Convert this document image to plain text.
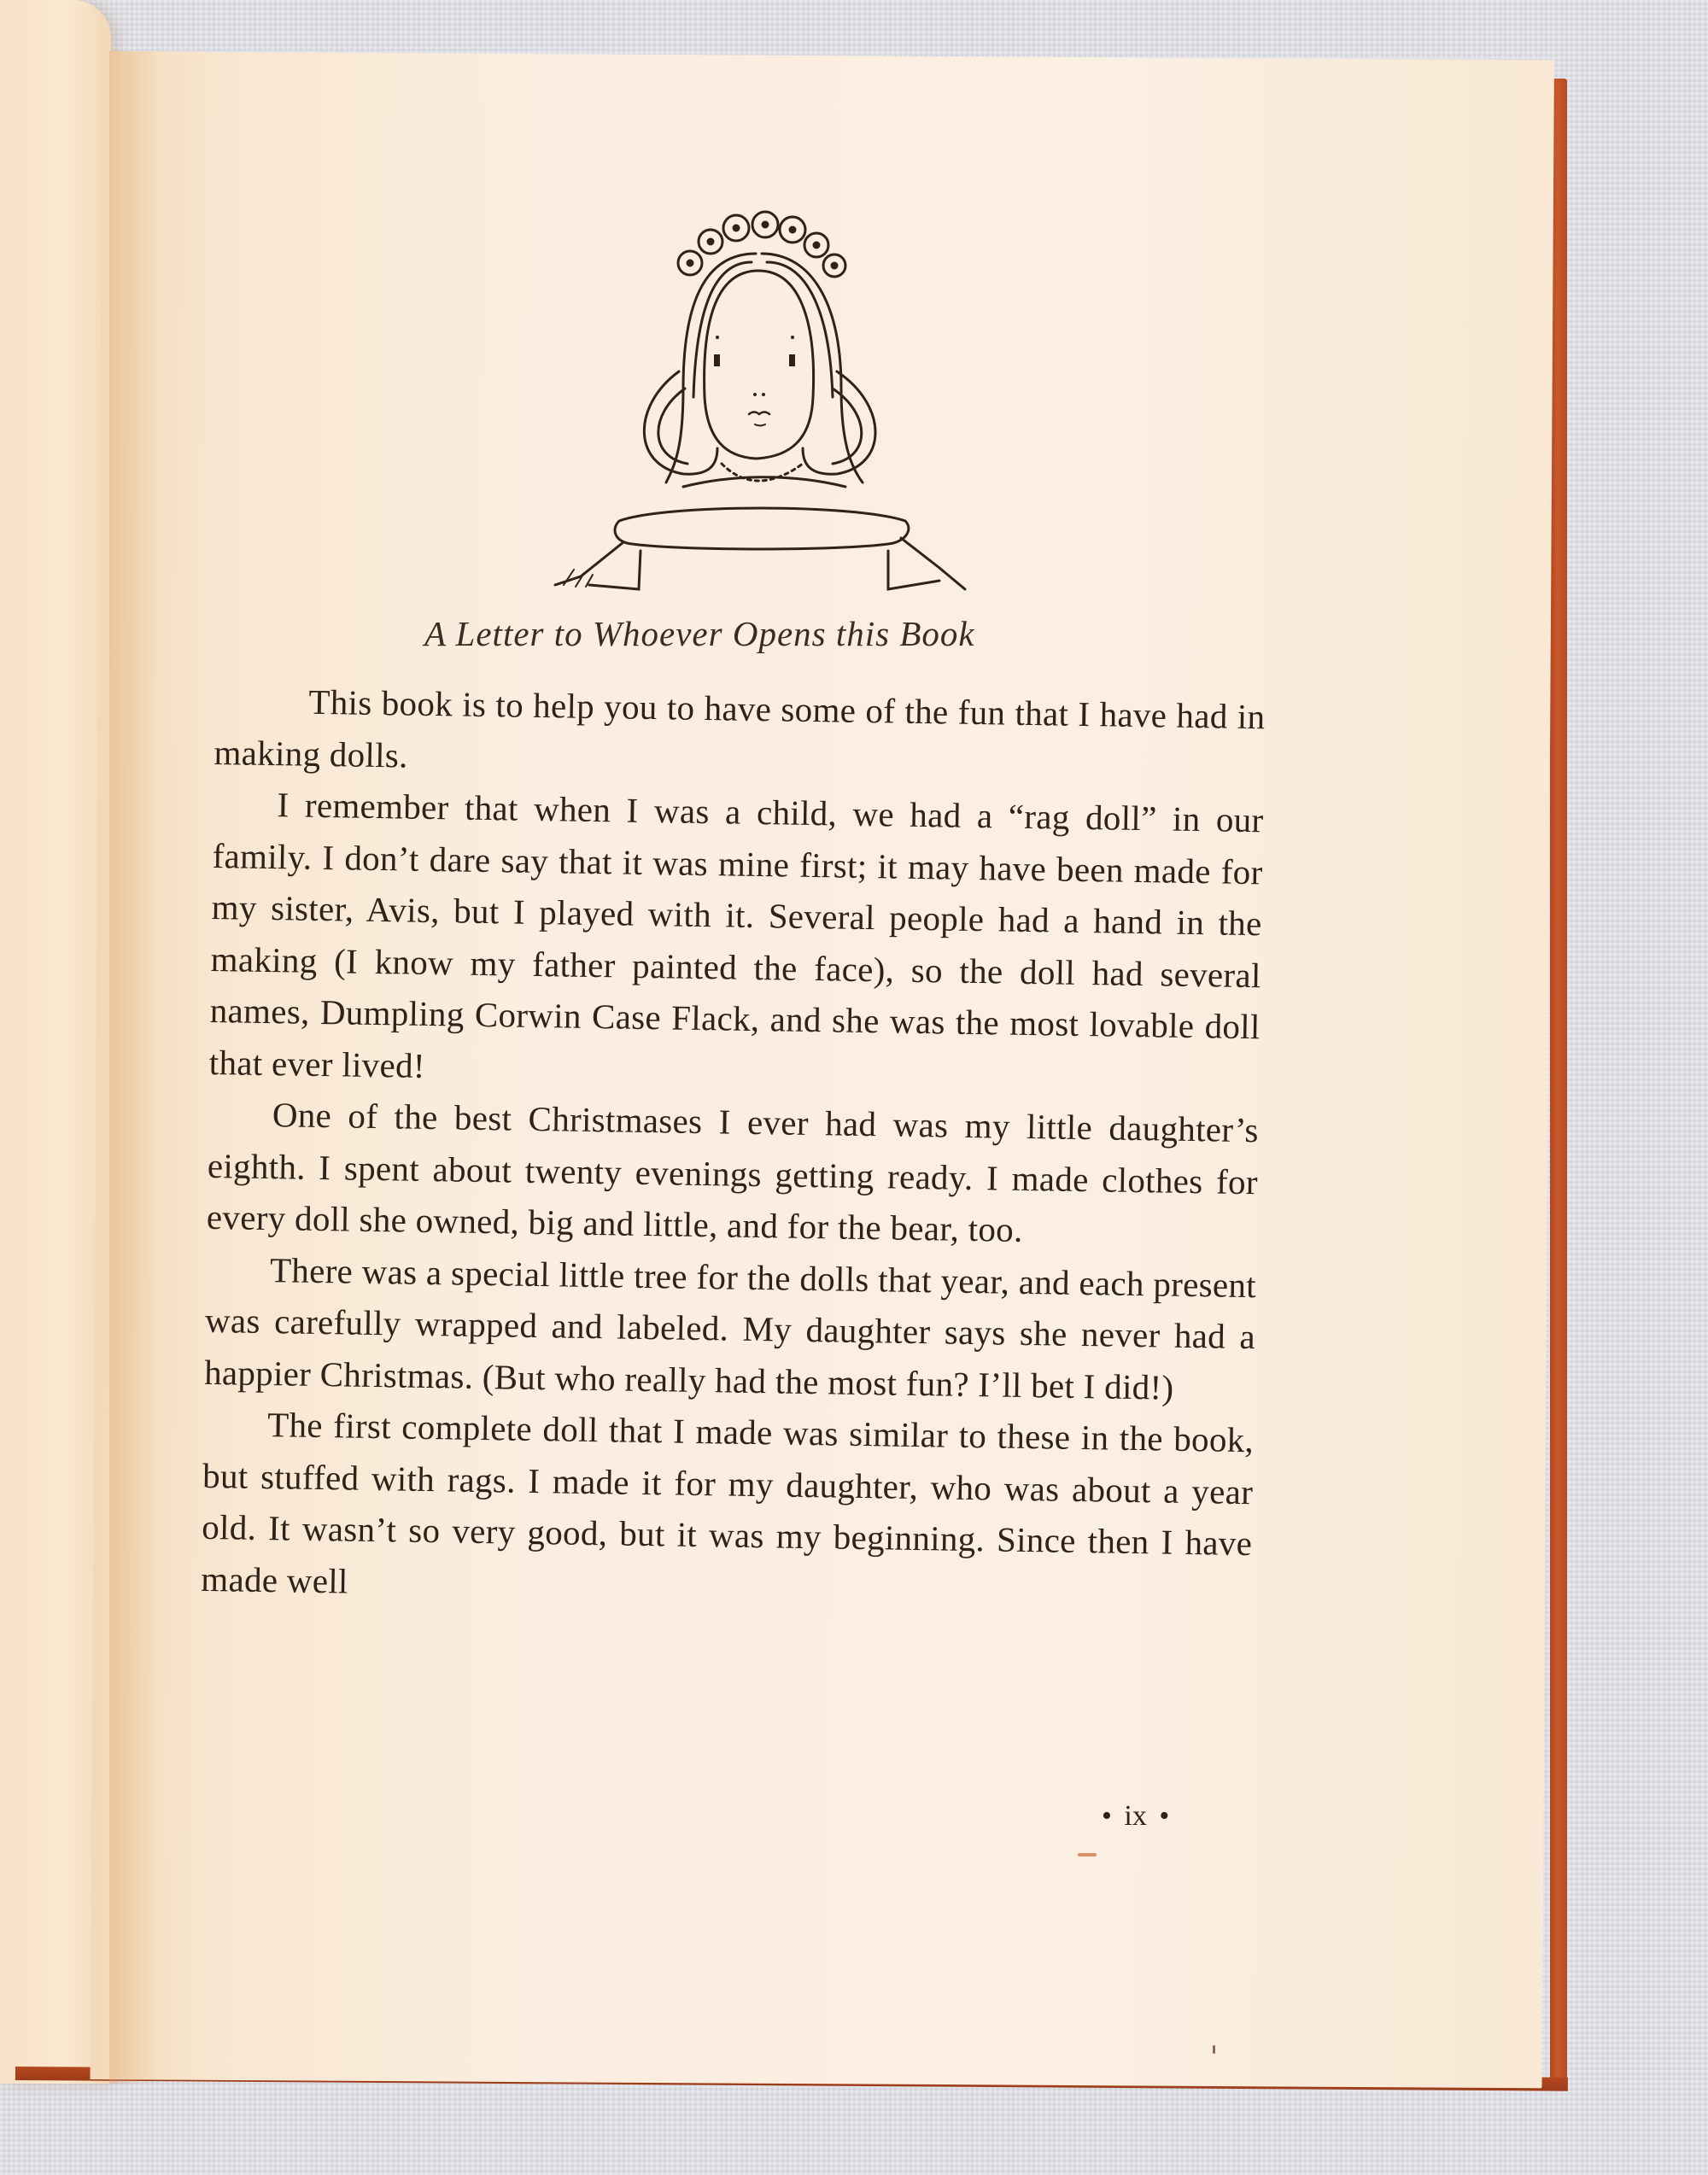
A Letter to Whoever Opens this Book

This book is to help you to have some of the fun that I have had in making dolls.

I remember that when I was a child, we had a “rag doll” in our family. I don’t dare say that it was mine first; it may have been made for my sister, Avis, but I played with it. Several people had a hand in the making (I know my father painted the face), so the doll had several names, Dumpling Corwin Case Flack, and she was the most lovable doll that ever lived!

One of the best Christmases I ever had was my little daughter’s eighth. I spent about twenty evenings getting ready. I made clothes for every doll she owned, big and little, and for the bear, too.

There was a special little tree for the dolls that year, and each present was carefully wrapped and labeled. My daughter says she never had a happier Christmas. (But who really had the most fun? I’ll bet I did!)

The first complete doll that I made was similar to these in the book, but stuffed with rags. I made it for my daughter, who was about a year old. It wasn’t so very good, but it was my beginning. Since then I have made well

• ix •
